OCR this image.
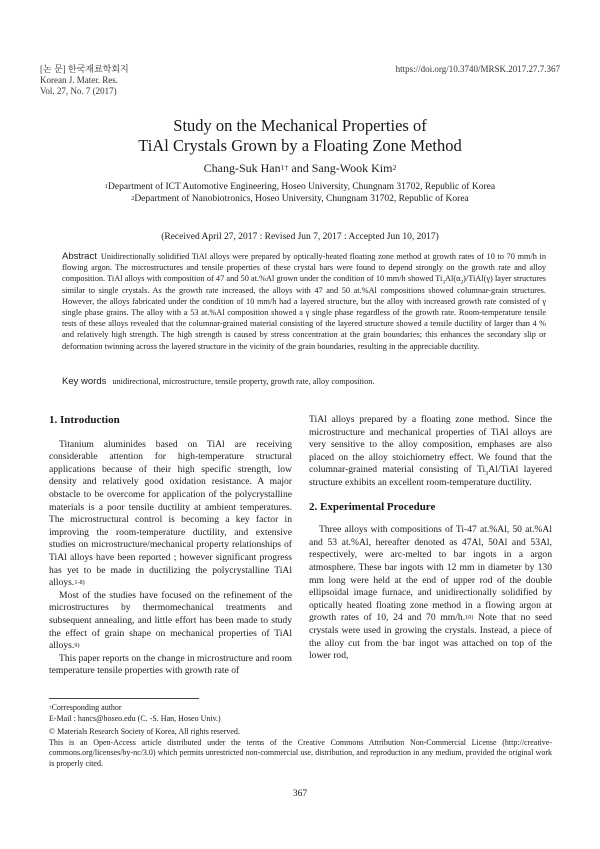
[논 문] 한국재료학회지
Korean J. Mater. Res.
Vol. 27, No. 7 (2017)
https://doi.org/10.3740/MRSK.2017.27.7.367
Study on the Mechanical Properties of
TiAl Crystals Grown by a Floating Zone Method
Chang-Suk Han$^{1\dagger}$ and Sang-Wook Kim$^2$
$^1$Department of ICT Automotive Engineering, Hoseo University, Chungnam 31702, Republic of Korea
$^2$Department of Nanobiotronics, Hoseo University, Chungnam 31702, Republic of Korea
(Received April 27, 2017 : Revised Jun 7, 2017 : Accepted Jun 10, 2017)
Abstract Unidirectionally solidified TiAl alloys were prepared by optically-heated floating zone method at growth rates of 10 to 70 mm/h in flowing argon. The microstructures and tensile properties of these crystal bars were found to depend strongly on the growth rate and alloy composition. TiAl alloys with composition of 47 and 50 at.%Al grown under the condition of 10 mm/h showed $Ti_3Al(\alpha_2)/TiAl(\gamma)$ layer structures similar to single crystals. As the growth rate increased, the alloys with 47 and 50 at.%Al compositions showed columnar-grain structures. However, the alloys fabricated under the condition of 10 mm/h had a layered structure, but the alloy with increased growth rate consisted of γ single phase grains. The alloy with a 53 at.%Al composition showed a γ single phase regardless of the growth rate. Room-temperature tensile tests of these alloys revealed that the columnar-grained material consisting of the layered structure showed a tensile ductility of larger than 4 % and relatively high strength. The high strength is caused by stress concentration at the grain boundaries; this enhances the secondary slip or deformation twinning across the layered structure in the vicinity of the grain boundaries, resulting in the appreciable ductility.
Key words unidirectional, microstructure, tensile property, growth rate, alloy composition.
1. Introduction

Titanium aluminides based on TiAl are receiving considerable attention for high-temperature structural applications because of their high specific strength, low density and relatively good oxidation resistance. A major obstacle to be overcome for application of the polycrystalline materials is a poor tensile ductility at ambient temperatures. The microstructural control is becoming a key factor in improving the room-temperature ductility, and extensive studies on microstructure/mechanical property relationships of TiAl alloys have been reported ; however significant progress has yet to be made in ductilizing the polycrystalline TiAl alloys.$^{1-8)}$

Most of the studies have focused on the refinement of the microstructures by thermomechanical treatments and subsequent annealing, and little effort has been made to study the effect of grain shape on mechanical properties of TiAl alloys.$^{9)}$

This paper reports on the change in microstructure and room temperature tensile properties with growth rate of

TiAl alloys prepared by a floating zone method. Since the microstructure and mechanical properties of TiAl alloys are very sensitive to the alloy composition, emphases are also placed on the alloy stoichiometry effect. We found that the columnar-grained material consisting of $Ti_3Al$/TiAl layered structure exhibits an excellent room-temperature ductility.

2. Experimental Procedure

Three alloys with compositions of Ti-47 at.%Al, 50 at.%Al and 53 at.%Al, hereafter denoted as 47Al, 50Al and 53Al, respectively, were arc-melted to bar ingots in a argon atmosphere. These bar ingots with 12 mm in diameter by 130 mm long were held at the end of upper rod of the double ellipsoidal image furnace, and unidirectionally solidified by optically heated floating zone method in a flowing argon at growth rates of 10, 24 and 70 mm/h.$^{10)}$ Note that no seed crystals were used in growing the crystals. Instead, a piece of the alloy cut from the bar ingot was attached on top of the lower rod,

†Corresponding author
E-Mail : hancs@hoseo.edu (C. -S. Han, Hoseo Univ.)
© Materials Research Society of Korea, All rights reserved.
This is an Open-Access article distributed under the terms of the Creative Commons Attribution Non-Commercial License (http://creative-commons.org/licenses/by-nc/3.0) which permits unrestricted non-commercial use, distribution, and reproduction in any medium, provided the original work is properly cited.
367
